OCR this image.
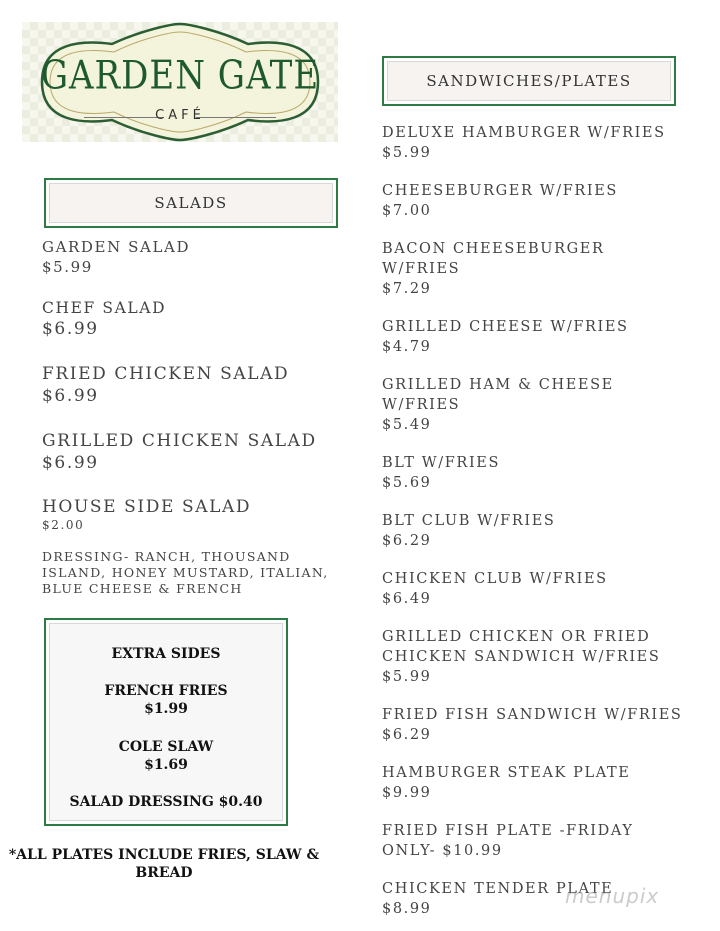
GARDEN GATE
CAFÉ
SALADS
GARDEN SALAD
$5.99
CHEF SALAD
$6.99
FRIED CHICKEN SALAD
$6.99
GRILLED CHICKEN SALAD
$6.99
HOUSE SIDE SALAD
$2.00
DRESSING- RANCH, THOUSAND
ISLAND, HONEY MUSTARD, ITALIAN,
BLUE CHEESE & FRENCH
EXTRA SIDES
FRENCH FRIES
$1.99
COLE SLAW
$1.69
SALAD DRESSING $0.40
*ALL PLATES INCLUDE FRIES, SLAW &
BREAD
SANDWICHES/PLATES
DELUXE HAMBURGER W/FRIES
$5.99
CHEESEBURGER W/FRIES
$7.00
BACON CHEESEBURGER
W/FRIES
$7.29
GRILLED CHEESE W/FRIES
$4.79
GRILLED HAM & CHEESE
W/FRIES
$5.49
BLT W/FRIES
$5.69
BLT CLUB W/FRIES
$6.29
CHICKEN CLUB W/FRIES
$6.49
GRILLED CHICKEN OR FRIED
CHICKEN SANDWICH W/FRIES
$5.99
FRIED FISH SANDWICH W/FRIES
$6.29
HAMBURGER STEAK PLATE
$9.99
FRIED FISH PLATE -FRIDAY
ONLY- $10.99
CHICKEN TENDER PLATE
$8.99
menupix
